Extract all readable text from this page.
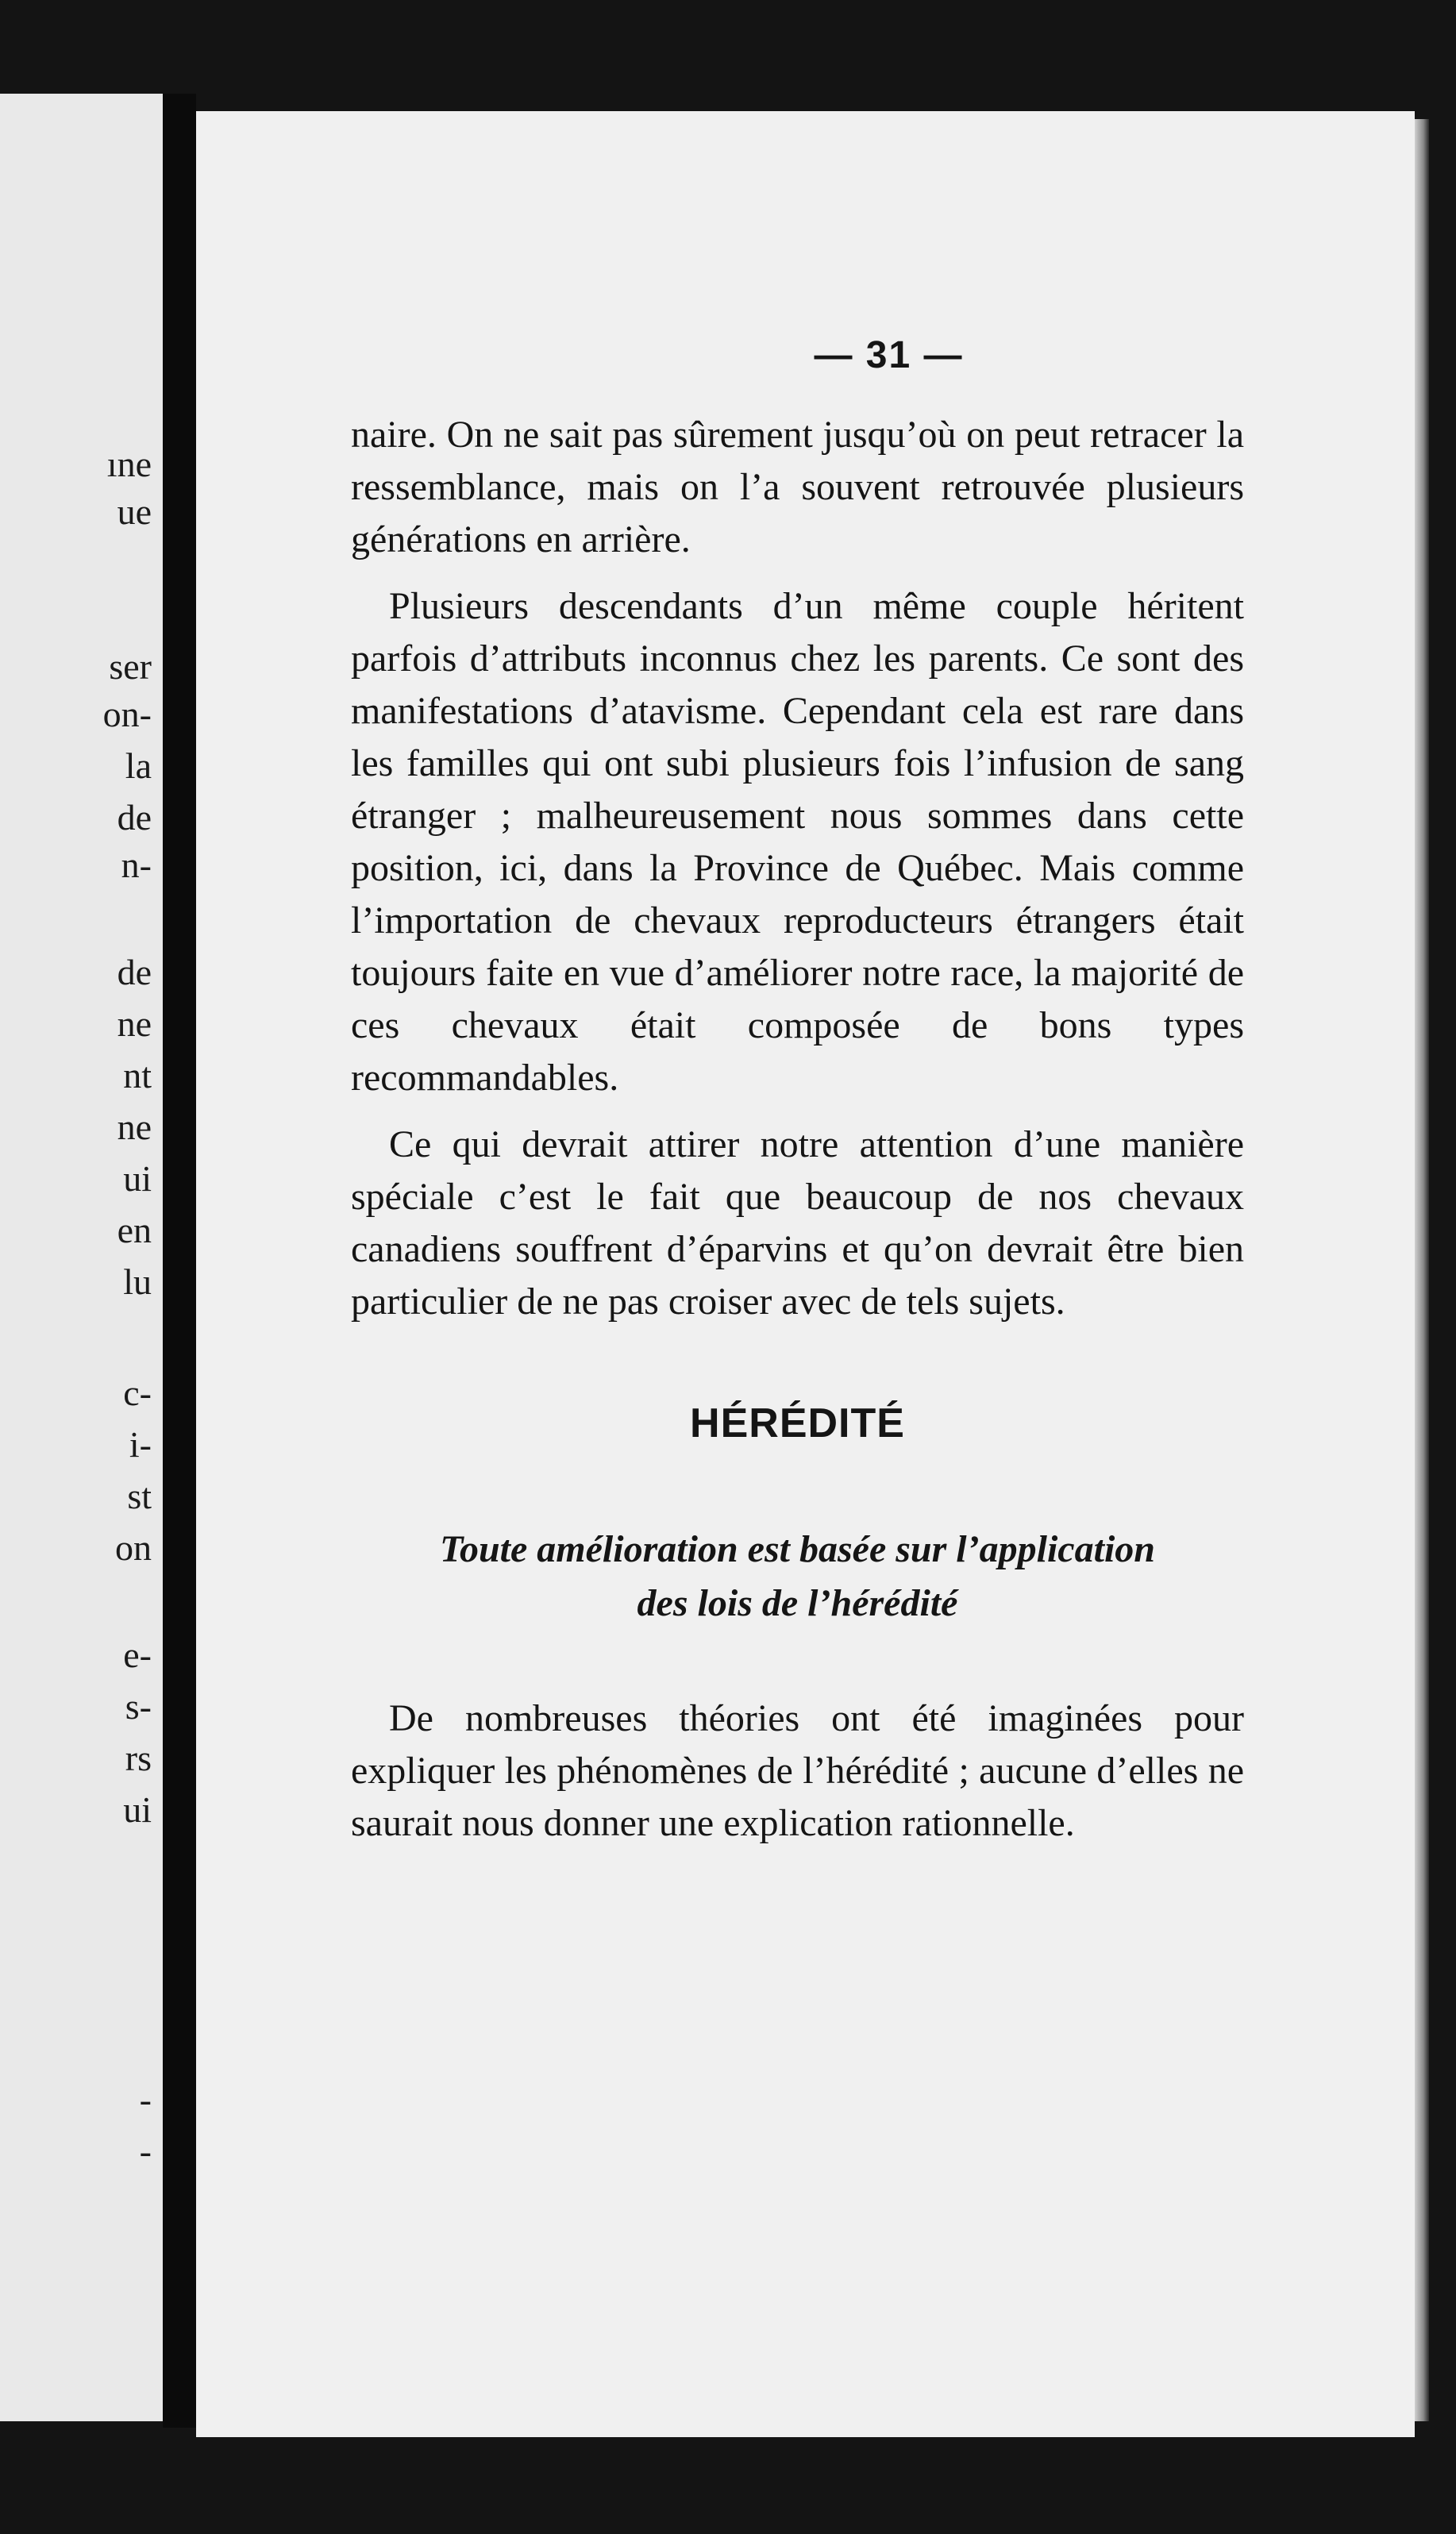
ıne
ue
ser
on-
la
de
n-
de
ne
nt
ne
ui
en
lu
c-
i-
st
on
e-
s-
rs
ui
-
-
— 31 —

naire. On ne sait pas sûrement jusqu’où on peut retracer la ressemblance, mais on l’a souvent retrouvée plusieurs générations en arrière.

Plusieurs descendants d’un même couple héritent parfois d’attributs inconnus chez les parents. Ce sont des manifestations d’atavisme. Cependant cela est rare dans les familles qui ont subi plusieurs fois l’infusion de sang étranger ; malheureusement nous sommes dans cette position, ici, dans la Province de Québec. Mais comme l’importation de chevaux reproducteurs étrangers était toujours faite en vue d’améliorer notre race, la majorité de ces chevaux était composée de bons types recommandables.

Ce qui devrait attirer notre attention d’une manière spéciale c’est le fait que beaucoup de nos chevaux canadiens souffrent d’éparvins et qu’on devrait être bien particulier de ne pas croiser avec de tels sujets.

HÉRÉDITÉ
Toute amélioration est basée sur l’application
des lois de l’hérédité

De nombreuses théories ont été imaginées pour expliquer les phénomènes de l’hérédité ; aucune d’elles ne saurait nous donner une explication rationnelle.
